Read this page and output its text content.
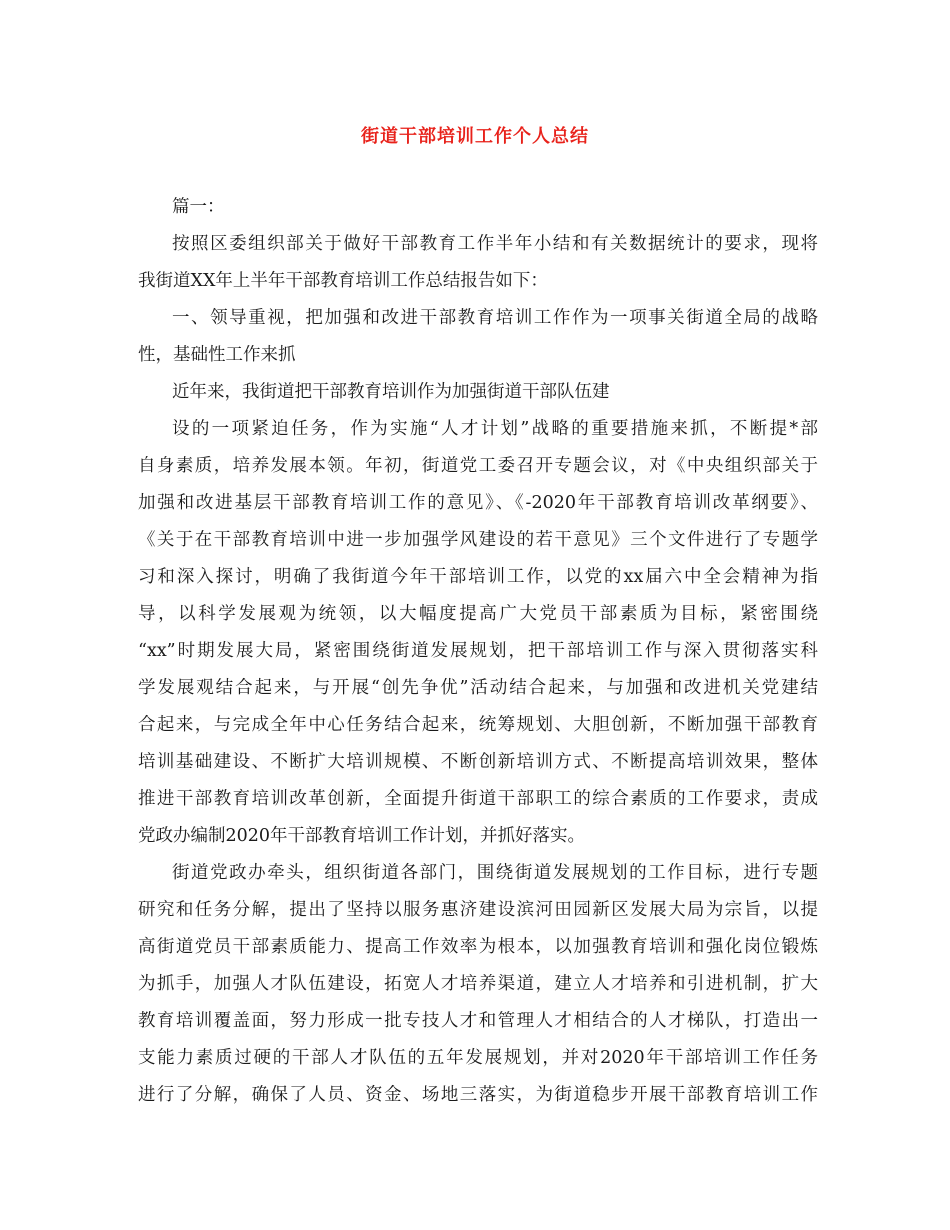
街道干部培训工作个人总结
篇一：
按照区委组织部关于做好干部教育工作半年小结和有关数据统计的要求，现将
我街道XX年上半年干部教育培训工作总结报告如下：
一、领导重视，把加强和改进干部教育培训工作作为一项事关街道全局的战略
性，基础性工作来抓
近年来，我街道把干部教育培训作为加强街道干部队伍建
设的一项紧迫任务，作为实施“人才计划”战略的重要措施来抓，不断提*部
自身素质，培养发展本领。年初，街道党工委召开专题会议，对《中央组织部关于
加强和改进基层干部教育培训工作的意见》、《-2020年干部教育培训改革纲要》、
《关于在干部教育培训中进一步加强学风建设的若干意见》三个文件进行了专题学
习和深入探讨，明确了我街道今年干部培训工作，以党的xx届六中全会精神为指
导，以科学发展观为统领，以大幅度提高广大党员干部素质为目标，紧密围绕
“xx”时期发展大局，紧密围绕街道发展规划，把干部培训工作与深入贯彻落实科
学发展观结合起来，与开展“创先争优”活动结合起来，与加强和改进机关党建结
合起来，与完成全年中心任务结合起来，统筹规划、大胆创新，不断加强干部教育
培训基础建设、不断扩大培训规模、不断创新培训方式、不断提高培训效果，整体
推进干部教育培训改革创新，全面提升街道干部职工的综合素质的工作要求，责成
党政办编制2020年干部教育培训工作计划，并抓好落实。
街道党政办牵头，组织街道各部门，围绕街道发展规划的工作目标，进行专题
研究和任务分解，提出了坚持以服务惠济建设滨河田园新区发展大局为宗旨，以提
高街道党员干部素质能力、提高工作效率为根本，以加强教育培训和强化岗位锻炼
为抓手，加强人才队伍建设，拓宽人才培养渠道，建立人才培养和引进机制，扩大
教育培训覆盖面，努力形成一批专技人才和管理人才相结合的人才梯队，打造出一
支能力素质过硬的干部人才队伍的五年发展规划，并对2020年干部培训工作任务
进行了分解，确保了人员、资金、场地三落实，为街道稳步开展干部教育培训工作
